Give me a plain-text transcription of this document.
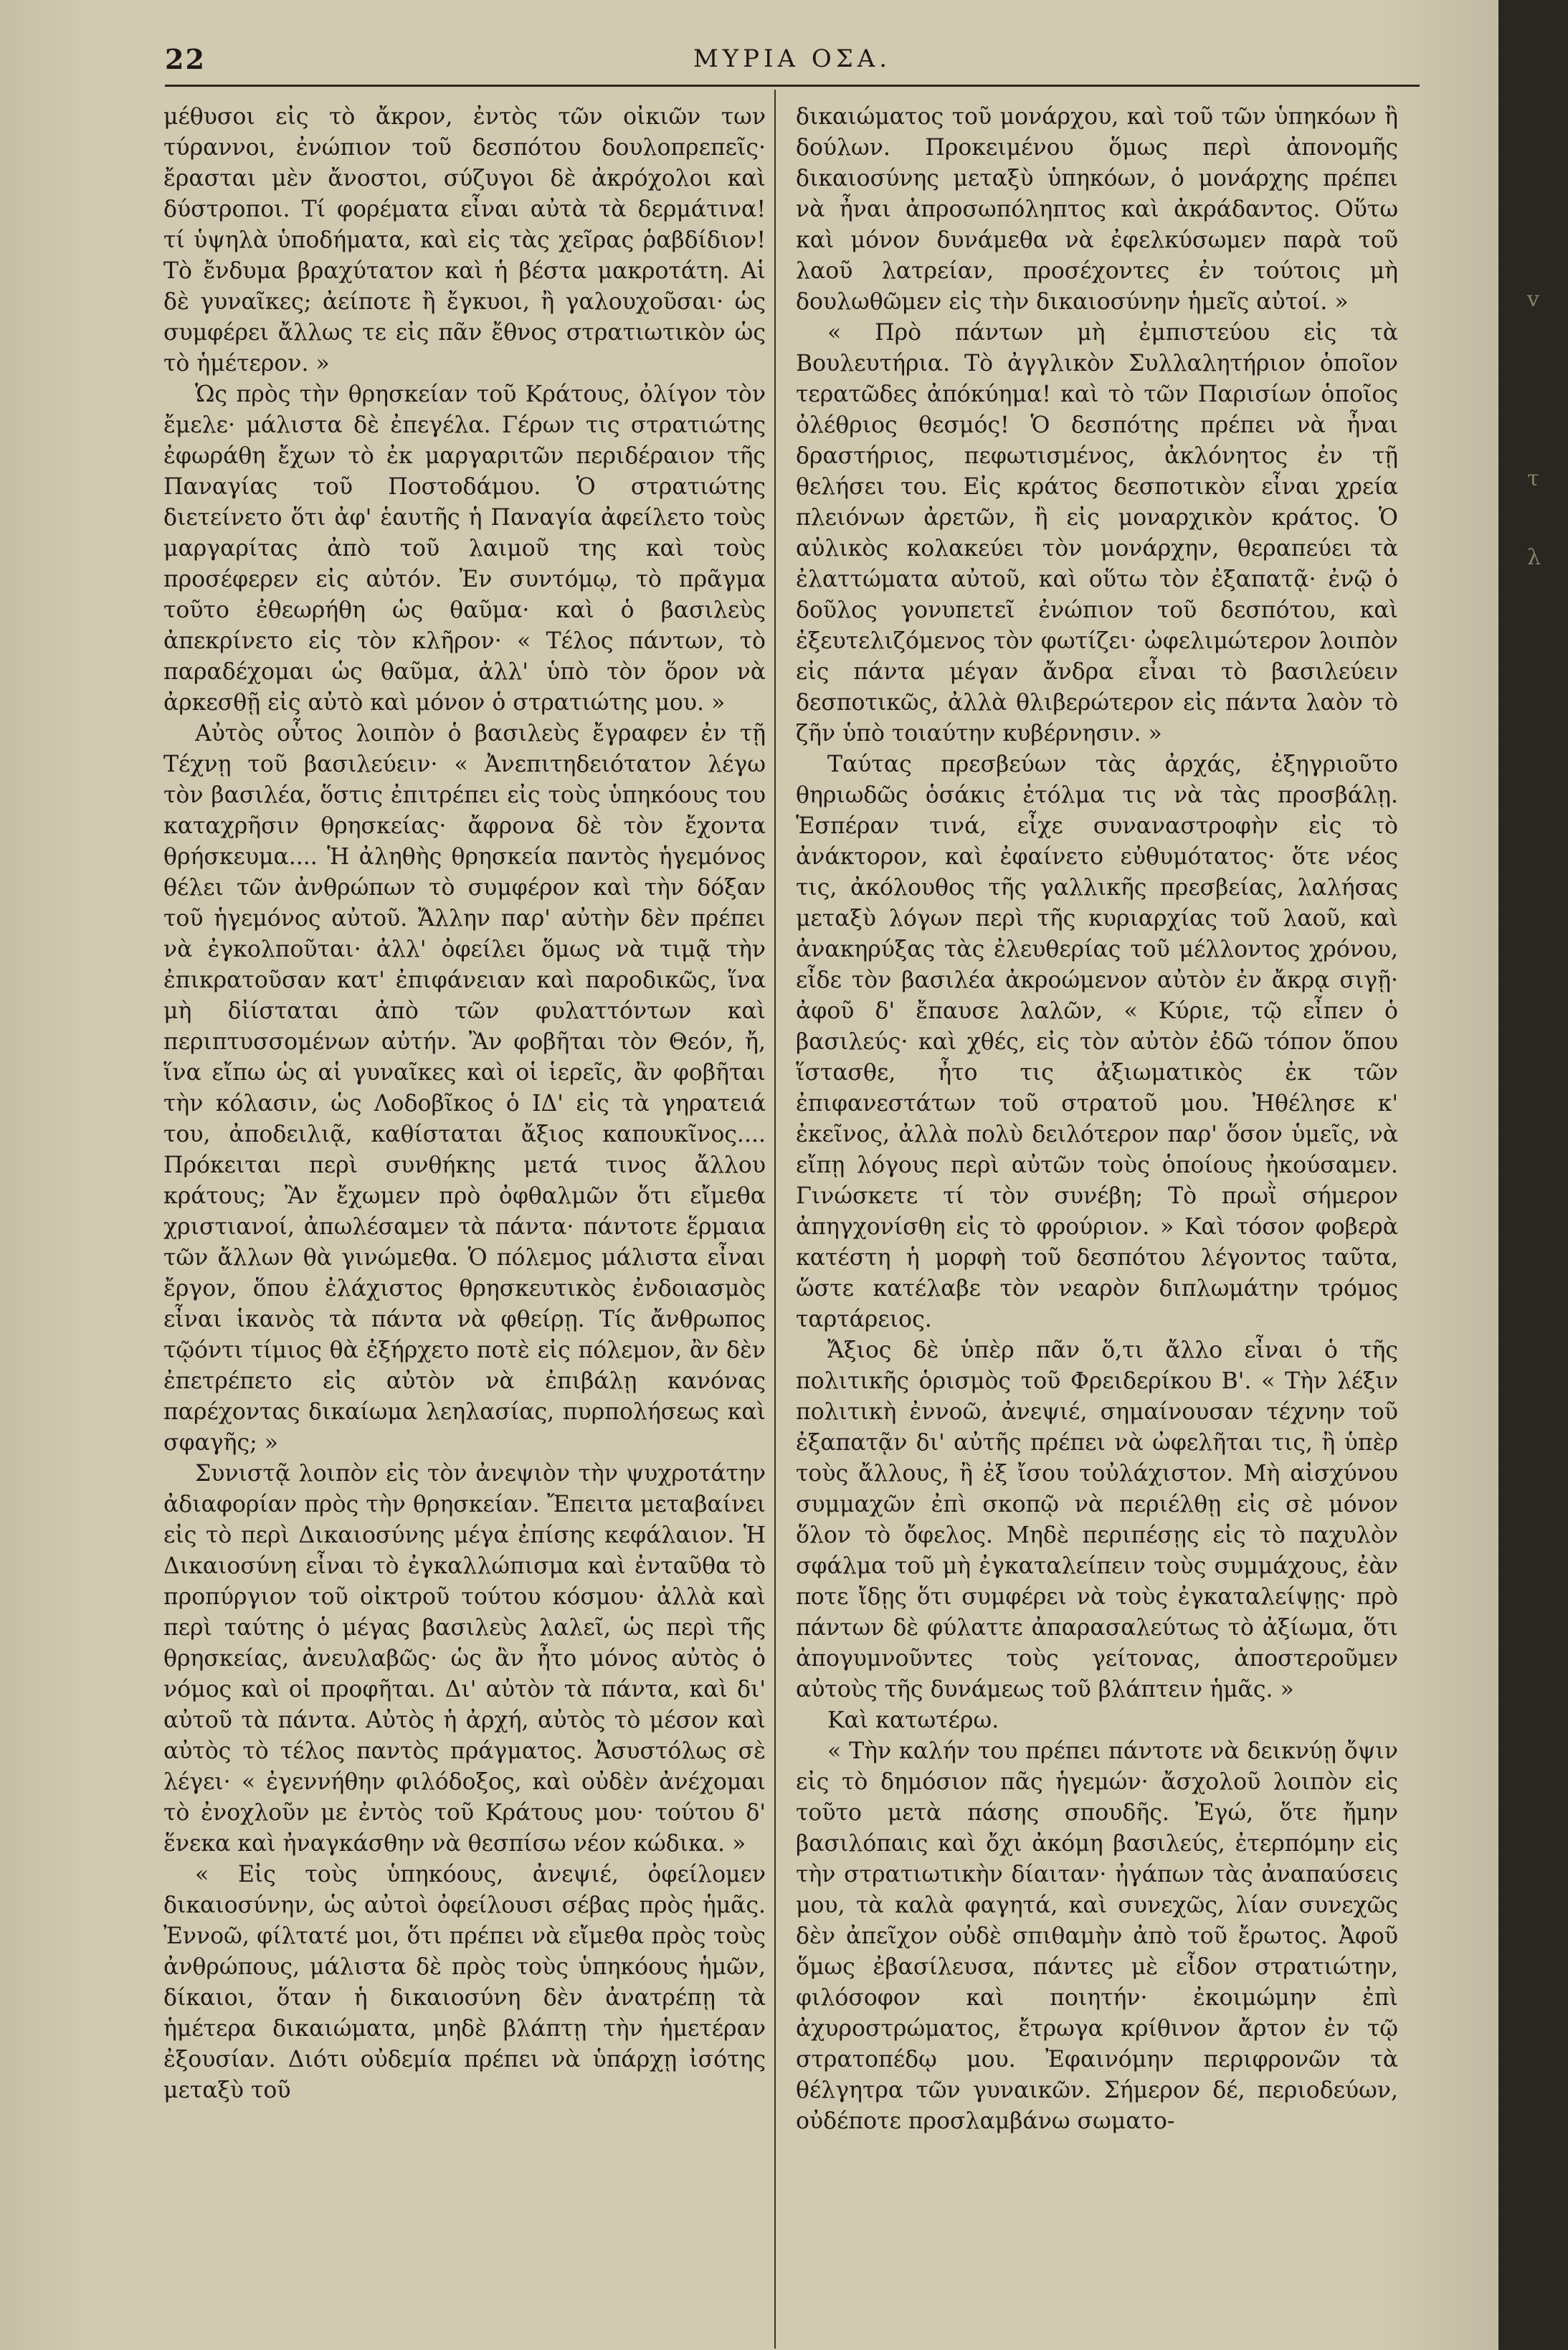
22	ΜΥΡΙΑ ΟΣΑ.

μέθυσοι εἰς τὸ ἄκρον, ἐντὸς τῶν οἰκιῶν των τύραννοι, ἐνώπιον τοῦ δεσπότου δουλοπρεπεῖς· ἔρασται μὲν ἄνοστοι, σύζυγοι δὲ ἀκρόχολοι καὶ δύστροποι. Τί φορέματα εἶναι αὐτὰ τὰ δερμάτινα! τί ὑψηλὰ ὑποδήματα, καὶ εἰς τὰς χεῖρας ῥαβδίδιον! Τὸ ἔνδυμα βραχύτατον καὶ ἡ βέστα μακροτάτη. Αἱ δὲ γυναῖκες; ἀείποτε ἢ ἔγκυοι, ἢ γαλουχοῦσαι· ὡς συμφέρει ἄλλως τε εἰς πᾶν ἔθνος στρατιωτικὸν ὡς τὸ ἡμέτερον. »

Ὡς πρὸς τὴν θρησκείαν τοῦ Κράτους, ὀλίγον τὸν ἔμελε· μάλιστα δὲ ἐπεγέλα. Γέρων τις στρατιώτης ἐφωράθη ἔχων τὸ ἐκ μαργαριτῶν περιδέραιον τῆς Παναγίας τοῦ Ποστοδάμου. Ὁ στρατιώτης διετείνετο ὅτι ἀφ' ἑαυτῆς ἡ Παναγία ἀφείλετο τοὺς μαργαρίτας ἀπὸ τοῦ λαιμοῦ της καὶ τοὺς προσέφερεν εἰς αὐτόν. Ἐν συντόμῳ, τὸ πρᾶγμα τοῦτο ἐθεωρήθη ὡς θαῦμα· καὶ ὁ βασιλεὺς ἀπεκρίνετο εἰς τὸν κλῆρον· « Τέλος πάντων, τὸ παραδέχομαι ὡς θαῦμα, ἀλλ' ὑπὸ τὸν ὅρον νὰ ἀρκεσθῇ εἰς αὐτὸ καὶ μόνον ὁ στρατιώτης μου. »

Αὐτὸς οὗτος λοιπὸν ὁ βασιλεὺς ἔγραφεν ἐν τῇ Τέχνῃ τοῦ βασιλεύειν· « Ἀνεπιτηδειότατον λέγω τὸν βασιλέα, ὅστις ἐπιτρέπει εἰς τοὺς ὑπηκόους του καταχρῆσιν θρησκείας· ἄφρονα δὲ τὸν ἔχοντα θρήσκευμα.... Ἡ ἀληθὴς θρησκεία παντὸς ἡγεμόνος θέλει τῶν ἀνθρώπων τὸ συμφέρον καὶ τὴν δόξαν τοῦ ἡγεμόνος αὐτοῦ. Ἄλλην παρ' αὐτὴν δὲν πρέπει νὰ ἐγκολποῦται· ἀλλ' ὀφείλει ὅμως νὰ τιμᾷ τὴν ἐπικρατοῦσαν κατ' ἐπιφάνειαν καὶ παροδικῶς, ἵνα μὴ δἰίσταται ἀπὸ τῶν φυλαττόντων καὶ περιπτυσσομένων αὐτήν. Ἂν φοβῆται τὸν Θεόν, ἤ, ἵνα εἴπω ὡς αἱ γυναῖκες καὶ οἱ ἱερεῖς, ἂν φοβῆται τὴν κόλασιν, ὡς Λοδοβῖκος ὁ ΙΔ' εἰς τὰ γηρατειά του, ἀποδειλιᾷ, καθίσταται ἄξιος καπουκῖνος.... Πρόκειται περὶ συνθήκης μετά τινος ἄλλου κράτους; Ἂν ἔχωμεν πρὸ ὀφθαλμῶν ὅτι εἴμεθα χριστιανοί, ἀπωλέσαμεν τὰ πάντα· πάντοτε ἕρμαια τῶν ἄλλων θὰ γινώμεθα. Ὁ πόλεμος μάλιστα εἶναι ἔργον, ὅπου ἐλάχιστος θρησκευτικὸς ἐνδοιασμὸς εἶναι ἱκανὸς τὰ πάντα νὰ φθείρῃ. Τίς ἄνθρωπος τῷόντι τίμιος θὰ ἐξήρχετο ποτὲ εἰς πόλεμον, ἂν δὲν ἐπετρέπετο εἰς αὐτὸν νὰ ἐπιβάλῃ κανόνας παρέχοντας δικαίωμα λεηλασίας, πυρπολήσεως καὶ σφαγῆς; »

Συνιστᾷ λοιπὸν εἰς τὸν ἀνεψιὸν τὴν ψυχροτάτην ἀδιαφορίαν πρὸς τὴν θρησκείαν. Ἔπειτα μεταβαίνει εἰς τὸ περὶ Δικαιοσύνης μέγα ἐπίσης κεφάλαιον. Ἡ Δικαιοσύνη εἶναι τὸ ἐγκαλλώπισμα καὶ ἐνταῦθα τὸ προπύργιον τοῦ οἰκτροῦ τούτου κόσμου· ἀλλὰ καὶ περὶ ταύτης ὁ μέγας βασιλεὺς λαλεῖ, ὡς περὶ τῆς θρησκείας, ἀνευλαβῶς· ὡς ἂν ἦτο μόνος αὐτὸς ὁ νόμος καὶ οἱ προφῆται. Δι' αὐτὸν τὰ πάντα, καὶ δι' αὐτοῦ τὰ πάντα. Αὐτὸς ἡ ἀρχή, αὐτὸς τὸ μέσον καὶ αὐτὸς τὸ τέλος παντὸς πράγματος. Ἀσυστόλως σὲ λέγει· « ἐγεννήθην φιλόδοξος, καὶ οὐδὲν ἀνέχομαι τὸ ἐνοχλοῦν με ἐντὸς τοῦ Κράτους μου· τούτου δ' ἕνεκα καὶ ἠναγκάσθην νὰ θεσπίσω νέον κώδικα. »

« Εἰς τοὺς ὑπηκόους, ἀνεψιέ, ὀφείλομεν δικαιοσύνην, ὡς αὐτοὶ ὀφείλουσι σέβας πρὸς ἡμᾶς. Ἐννοῶ, φίλτατέ μοι, ὅτι πρέπει νὰ εἴμεθα πρὸς τοὺς ἀνθρώπους, μάλιστα δὲ πρὸς τοὺς ὑπηκόους ἡμῶν, δίκαιοι, ὅταν ἡ δικαιοσύνη δὲν ἀνατρέπῃ τὰ ἡμέτερα δικαιώματα, μηδὲ βλάπτῃ τὴν ἡμετέραν ἐξουσίαν. Διότι οὐδεμία πρέπει νὰ ὑπάρχῃ ἰσότης μεταξὺ τοῦ

δικαιώματος τοῦ μονάρχου, καὶ τοῦ τῶν ὑπηκόων ἢ δούλων. Προκειμένου ὅμως περὶ ἀπονομῆς δικαιοσύνης μεταξὺ ὑπηκόων, ὁ μονάρχης πρέπει νὰ ἦναι ἀπροσωπόληπτος καὶ ἀκράδαντος. Οὕτω καὶ μόνον δυνάμεθα νὰ ἐφελκύσωμεν παρὰ τοῦ λαοῦ λατρείαν, προσέχοντες ἐν τούτοις μὴ δουλωθῶμεν εἰς τὴν δικαιοσύνην ἡμεῖς αὐτοί. »

« Πρὸ πάντων μὴ ἐμπιστεύου εἰς τὰ Βουλευτήρια. Τὸ ἀγγλικὸν Συλλαλητήριον ὁποῖον τερατῶδες ἀπόκύημα! καὶ τὸ τῶν Παρισίων ὁποῖος ὀλέθριος θεσμός! Ὁ δεσπότης πρέπει νὰ ἦναι δραστήριος, πεφωτισμένος, ἀκλόνητος ἐν τῇ θελήσει του. Εἰς κράτος δεσποτικὸν εἶναι χρεία πλειόνων ἀρετῶν, ἢ εἰς μοναρχικὸν κράτος. Ὁ αὐλικὸς κολακεύει τὸν μονάρχην, θεραπεύει τὰ ἐλαττώματα αὐτοῦ, καὶ οὕτω τὸν ἐξαπατᾷ· ἐνῷ ὁ δοῦλος γονυπετεῖ ἐνώπιον τοῦ δεσπότου, καὶ ἐξευτελιζόμενος τὸν φωτίζει· ὠφελιμώτερον λοιπὸν εἰς πάντα μέγαν ἄνδρα εἶναι τὸ βασιλεύειν δεσποτικῶς, ἀλλὰ θλιβερώτερον εἰς πάντα λαὸν τὸ ζῆν ὑπὸ τοιαύτην κυβέρνησιν. »

Ταύτας πρεσβεύων τὰς ἀρχάς, ἐξηγριοῦτο θηριωδῶς ὁσάκις ἐτόλμα τις νὰ τὰς προσβάλῃ. Ἑσπέραν τινά, εἶχε συναναστροφὴν εἰς τὸ ἀνάκτορον, καὶ ἐφαίνετο εὐθυμότατος· ὅτε νέος τις, ἀκόλουθος τῆς γαλλικῆς πρεσβείας, λαλήσας μεταξὺ λόγων περὶ τῆς κυριαρχίας τοῦ λαοῦ, καὶ ἀνακηρύξας τὰς ἐλευθερίας τοῦ μέλλοντος χρόνου, εἶδε τὸν βασιλέα ἀκροώμενον αὐτὸν ἐν ἄκρᾳ σιγῇ· ἀφοῦ δ' ἔπαυσε λαλῶν, « Κύριε, τῷ εἶπεν ὁ βασιλεύς· καὶ χθές, εἰς τὸν αὐτὸν ἐδῶ τόπον ὅπου ἵστασθε, ἦτο τις ἀξιωματικὸς ἐκ τῶν ἐπιφανεστάτων τοῦ στρατοῦ μου. Ἠθέλησε κ' ἐκεῖνος, ἀλλὰ πολὺ δειλότερον παρ' ὅσον ὑμεῖς, νὰ εἴπῃ λόγους περὶ αὐτῶν τοὺς ὁποίους ἠκούσαμεν. Γινώσκετε τί τὸν συνέβη; Τὸ πρωῒ σήμερον ἀπηγχονίσθη εἰς τὸ φρούριον. » Καὶ τόσον φοβερὰ κατέστη ἡ μορφὴ τοῦ δεσπότου λέγοντος ταῦτα, ὥστε κατέλαβε τὸν νεαρὸν διπλωμάτην τρόμος ταρτάρειος.

Ἄξιος δὲ ὑπὲρ πᾶν ὅ,τι ἄλλο εἶναι ὁ τῆς πολιτικῆς ὁρισμὸς τοῦ Φρειδερίκου Β'. « Τὴν λέξιν πολιτικὴ ἐννοῶ, ἀνεψιέ, σημαίνουσαν τέχνην τοῦ ἐξαπατᾷν δι' αὐτῆς πρέπει νὰ ὠφελῆται τις, ἢ ὑπὲρ τοὺς ἄλλους, ἢ ἐξ ἴσου τοὐλάχιστον. Μὴ αἰσχύνου συμμαχῶν ἐπὶ σκοπῷ νὰ περιέλθῃ εἰς σὲ μόνον ὅλον τὸ ὄφελος. Μηδὲ περιπέσῃς εἰς τὸ παχυλὸν σφάλμα τοῦ μὴ ἐγκαταλείπειν τοὺς συμμάχους, ἐὰν ποτε ἴδῃς ὅτι συμφέρει νὰ τοὺς ἐγκαταλείψῃς· πρὸ πάντων δὲ φύλαττε ἀπαρασαλεύτως τὸ ἀξίωμα, ὅτι ἀπογυμνοῦντες τοὺς γείτονας, ἀποστεροῦμεν αὐτοὺς τῆς δυνάμεως τοῦ βλάπτειν ἡμᾶς. »

Καὶ κατωτέρω.

« Τὴν καλήν του πρέπει πάντοτε νὰ δεικνύῃ ὄψιν εἰς τὸ δημόσιον πᾶς ἡγεμών· ἄσχολοῦ λοιπὸν εἰς τοῦτο μετὰ πάσης σπουδῆς. Ἐγώ, ὅτε ἤμην βασιλόπαις καὶ ὄχι ἀκόμη βασιλεύς, ἐτερπόμην εἰς τὴν στρατιωτικὴν δίαιταν· ἠγάπων τὰς ἀναπαύσεις μου, τὰ καλὰ φαγητά, καὶ συνεχῶς, λίαν συνεχῶς δὲν ἀπεῖχον οὐδὲ σπιθαμὴν ἀπὸ τοῦ ἔρωτος. Ἀφοῦ ὅμως ἐβασίλευσα, πάντες μὲ εἶδον στρατιώτην, φιλόσοφον καὶ ποιητήν· ἐκοιμώμην ἐπὶ ἀχυροστρώματος, ἔτρωγα κρίθινον ἄρτον ἐν τῷ στρατοπέδῳ μου. Ἐφαινόμην περιφρονῶν τὰ θέλγητρα τῶν γυναικῶν. Σήμερον δέ, περιοδεύων, οὐδέποτε προσλαμβάνω σωματο-

v
τ
λ
